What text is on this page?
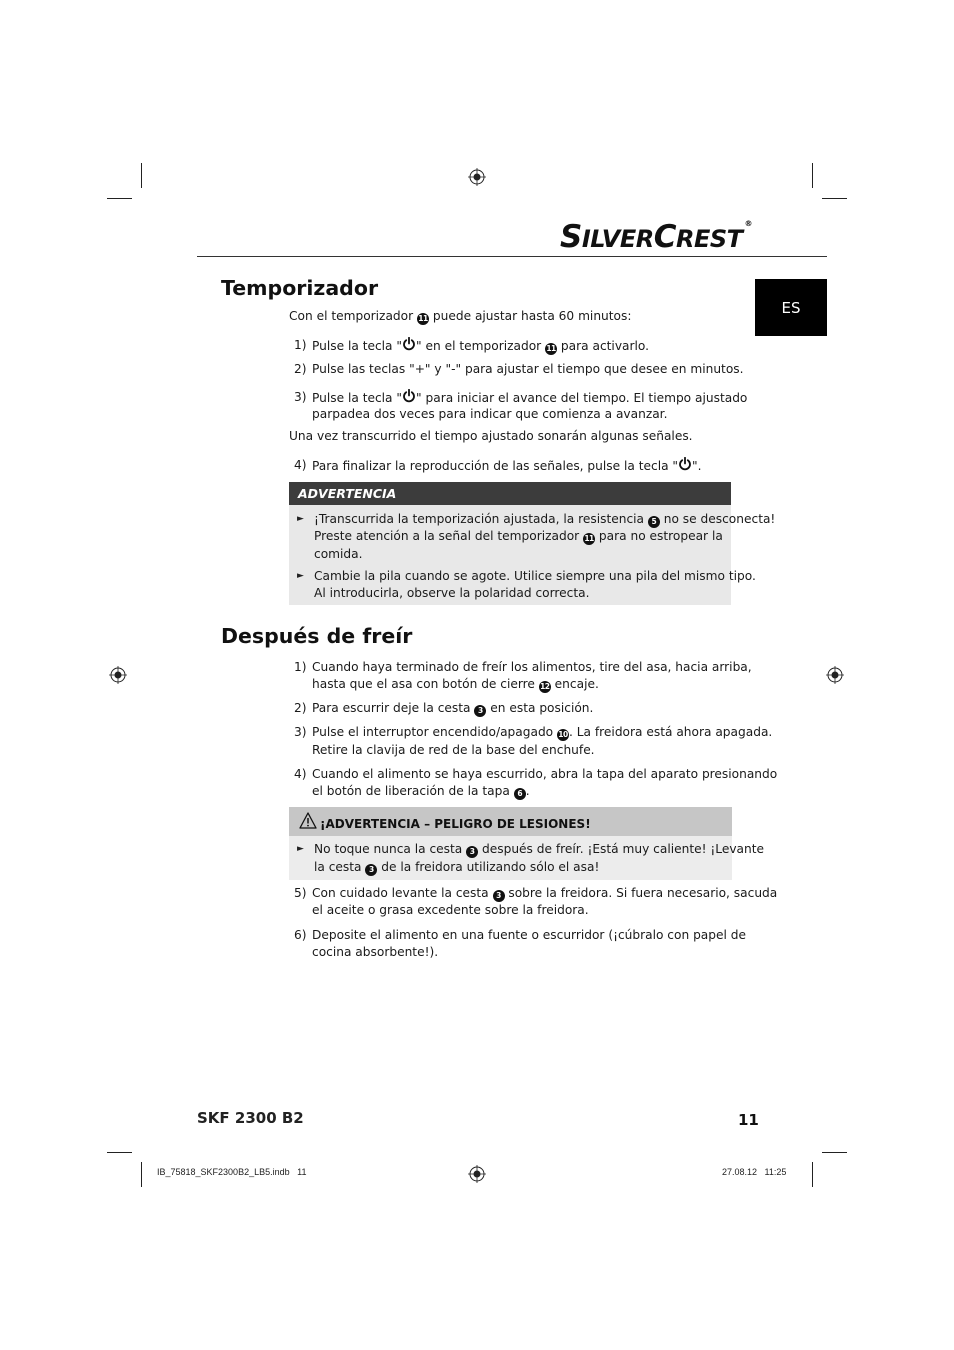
SILVERCREST®
ES
Temporizador
Con el temporizador 11 puede ajustar hasta 60 minutos:
1) Pulse la tecla " " en el temporizador 11 para activarlo.
2) Pulse las teclas "+" y "-" para ajustar el tiempo que desee en minutos.
3) Pulse la tecla " " para iniciar el avance del tiempo. El tiempo ajustado
parpadea dos veces para indicar que comienza a avanzar.
Una vez transcurrido el tiempo ajustado sonarán algunas señales.
4) Para finalizar la reproducción de las señales, pulse la tecla " ".
ADVERTENCIA
► ¡Transcurrida la temporización ajustada, la resistencia 5 no se desconecta!
Preste atención a la señal del temporizador 11 para no estropear la
comida.
► Cambie la pila cuando se agote. Utilice siempre una pila del mismo tipo.
Al introducirla, observe la polaridad correcta.
Después de freír
1) Cuando haya terminado de freír los alimentos, tire del asa, hacia arriba,
hasta que el asa con botón de cierre 12 encaje.
2) Para escurrir deje la cesta 3 en esta posición.
3) Pulse el interruptor encendido/apagado 10. La freidora está ahora apagada.
Retire la clavija de red de la base del enchufe.
4) Cuando el alimento se haya escurrido, abra la tapa del aparato presionando
el botón de liberación de la tapa 6 .
¡ADVERTENCIA – PELIGRO DE LESIONES!
► No toque nunca la cesta 3 después de freír. ¡Está muy caliente! ¡Levante
la cesta 3 de la freidora utilizando sólo el asa!
5) Con cuidado levante la cesta 3 sobre la freidora. Si fuera necesario, sacuda
el aceite o grasa excedente sobre la freidora.
6) Deposite el alimento en una fuente o escurridor (¡cúbralo con papel de
cocina absorbente!).
SKF 2300 B2	11
IB_75818_SKF2300B2_LB5.indb   11	27.08.12   11:25
